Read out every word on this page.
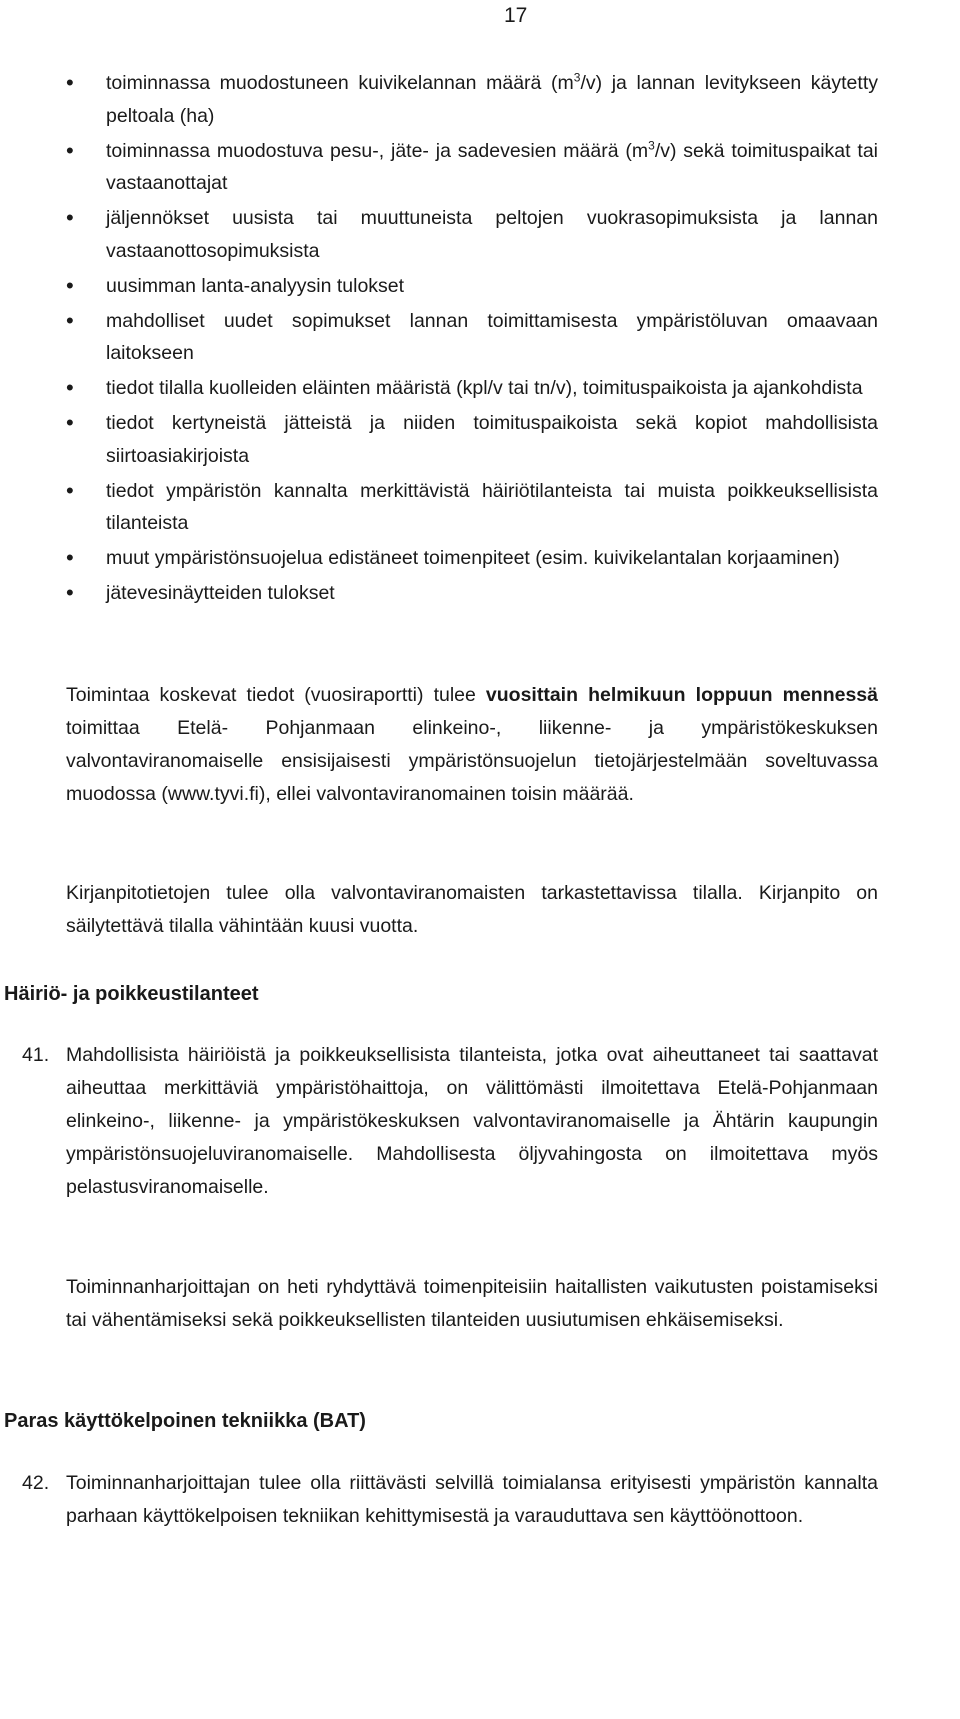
17
• toiminnassa muodostuneen kuivikelannan määrä $(m^3/v)$ ja lannan levitykseen käytetty peltoala (ha)
• toiminnassa muodostuva pesu-, jäte- ja sadevesien määrä $(m^3/v)$ sekä toimituspaikat tai vastaanottajat
• jäljennökset uusista tai muuttuneista peltojen vuokrasopimuksista ja lannan vastaanottosopimuksista
• uusimman lanta-analyysin tulokset
• mahdolliset uudet sopimukset lannan toimittamisesta ympäristöluvan omaavaan laitokseen
• tiedot tilalla kuolleiden eläinten määristä (kpl/v tai tn/v), toimituspaikoista ja ajankohdista
• tiedot kertyneistä jätteistä ja niiden toimituspaikoista sekä kopiot mahdollisista siirtoasiakirjoista
• tiedot ympäristön kannalta merkittävistä häiriötilanteista tai muista poikkeuksellisista tilanteista
• muut ympäristönsuojelua edistäneet toimenpiteet (esim. kuivikelantalan korjaaminen)
• jätevesinäytteiden tulokset

Toimintaa koskevat tiedot (vuosiraportti) tulee vuosittain helmikuun loppuun mennessä toimittaa Etelä- Pohjanmaan elinkeino-, liikenne- ja ympäristökeskuksen valvontaviranomaiselle ensisijaisesti ympäristönsuojelun tietojärjestelmään soveltuvassa muodossa (www.tyvi.fi), ellei valvontaviranomainen toisin määrää.

Kirjanpitotietojen tulee olla valvontaviranomaisten tarkastettavissa tilalla. Kirjanpito on säilytettävä tilalla vähintään kuusi vuotta.

Häiriö- ja poikkeustilanteet
41. Mahdollisista häiriöistä ja poikkeuksellisista tilanteista, jotka ovat aiheuttaneet tai saattavat aiheuttaa merkittäviä ympäristöhaittoja, on välittömästi ilmoitettava Etelä-Pohjanmaan elinkeino-, liikenne- ja ympäristökeskuksen valvontaviranomaiselle ja Ähtärin kaupungin ympäristönsuojeluviranomaiselle. Mahdollisesta öljyvahingosta on ilmoitettava myös pelastusviranomaiselle.

Toiminnanharjoittajan on heti ryhdyttävä toimenpiteisiin haitallisten vaikutusten poistamiseksi tai vähentämiseksi sekä poikkeuksellisten tilanteiden uusiutumisen ehkäisemiseksi.

Paras käyttökelpoinen tekniikka (BAT)
42. Toiminnanharjoittajan tulee olla riittävästi selvillä toimialansa erityisesti ympäristön kannalta parhaan käyttökelpoisen tekniikan kehittymisestä ja varauduttava sen käyttöönottoon.
